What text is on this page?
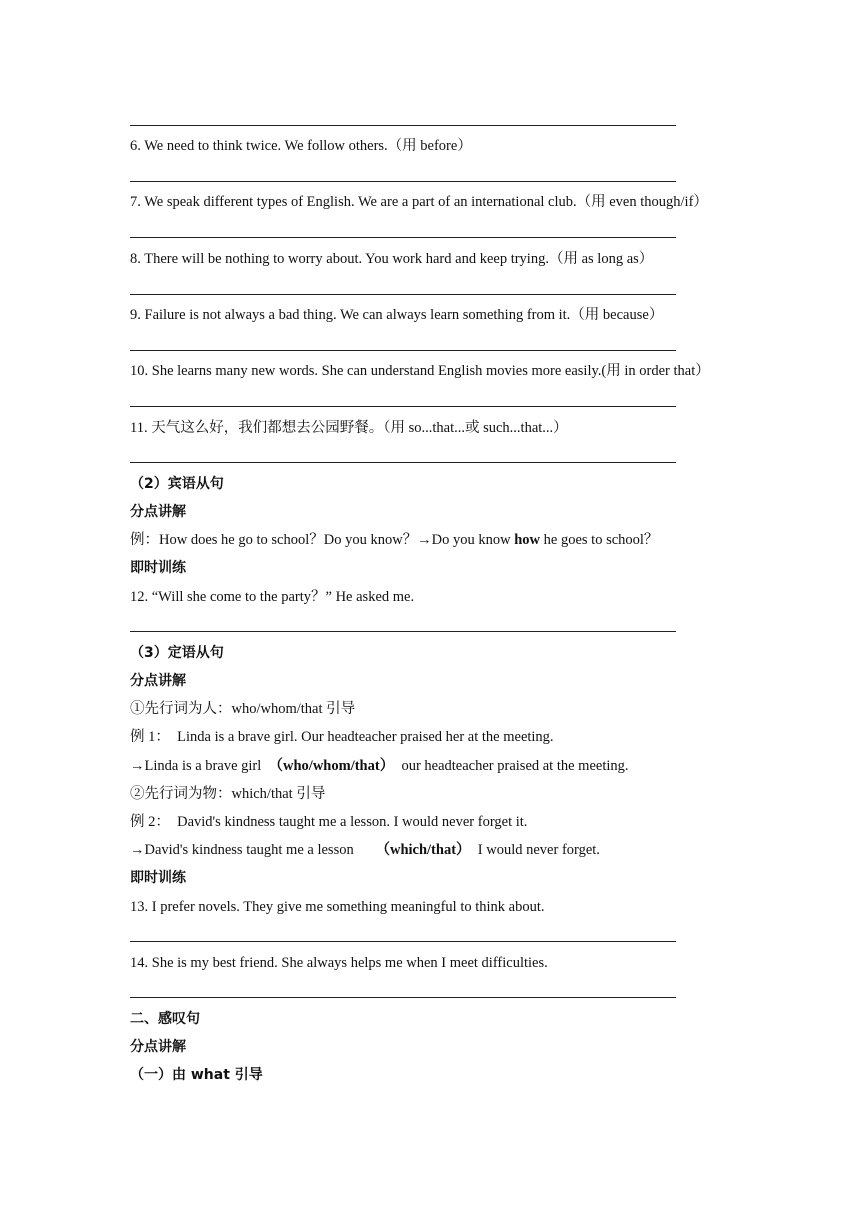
6. We need to think twice. We follow others.（用 before）
7. We speak different types of English. We are a part of an international club.（用 even though/if）
8. There will be nothing to worry about. You work hard and keep trying.（用 as long as）
9. Failure is not always a bad thing. We can always learn something from it.（用 because）
10. She learns many new words. She can understand English movies more easily.(用 in order that）
11. 天气这么好，我们都想去公园野餐。（用 so...that...或 such...that...）
（2）宾语从句
分点讲解
例：How does he go to school？Do you know？→Do you know how he goes to school？
即时训练
12. “Will she come to the party？” He asked me.
（3）定语从句
分点讲解
①先行词为人：who/whom/that 引导
例 1：　Linda is a brave girl. Our headteacher praised her at the meeting.
→Linda is a brave girl　（who/whom/that）　our headteacher praised at the meeting.
②先行词为物：which/that 引导
例 2：　David's kindness taught me a lesson. I would never forget it.
→David's kindness taught me a lesson　　（which/that）　I would never forget.
即时训练
13. I prefer novels. They give me something meaningful to think about.
14. She is my best friend. She always helps me when I meet difficulties.
二、感叹句
分点讲解
（一）由 what 引导
